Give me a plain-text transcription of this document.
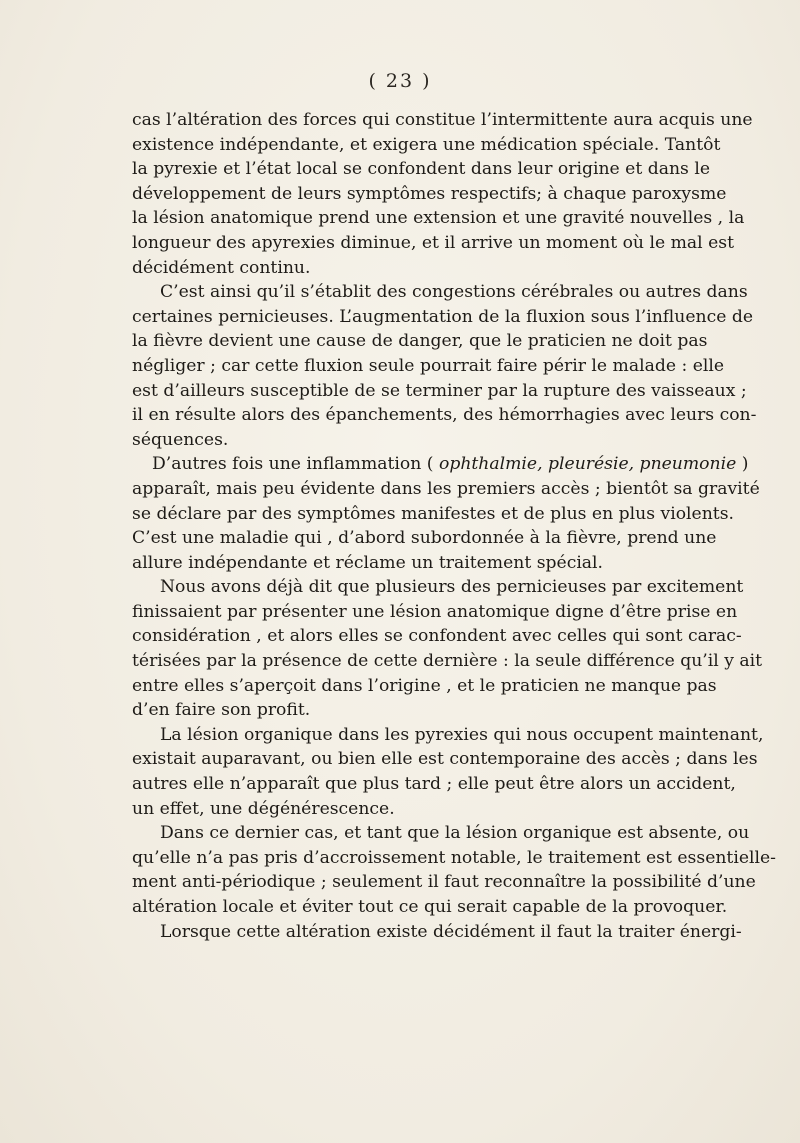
( 23 )
cas l’altération des forces qui constitue l’intermittente aura acquis une
existence indépendante, et exigera une médication spéciale. Tantôt
la pyrexie et l’état local se confondent dans leur origine et dans le
développement de leurs symptômes respectifs; à chaque paroxysme
la lésion anatomique prend une extension et une gravité nouvelles , la
longueur des apyrexies diminue, et il arrive un moment où le mal est
décidément continu.
C’est ainsi qu’il s’établit des congestions cérébrales ou autres dans
certaines pernicieuses. L’augmentation de la fluxion sous l’influence de
la fièvre devient une cause de danger, que le praticien ne doit pas
négliger ; car cette fluxion seule pourrait faire périr le malade : elle
est d’ailleurs susceptible de se terminer par la rupture des vaisseaux ;
il en résulte alors des épanchements, des hémorrhagies avec leurs con-
séquences.
D’autres fois une inflammation ( ophthalmie, pleurésie, pneumonie )
apparaît, mais peu évidente dans les premiers accès ; bientôt sa gravité
se déclare par des symptômes manifestes et de plus en plus violents.
C’est une maladie qui , d’abord subordonnée à la fièvre, prend une
allure indépendante et réclame un traitement spécial.
Nous avons déjà dit que plusieurs des pernicieuses par excitement
finissaient par présenter une lésion anatomique digne d’être prise en
considération , et alors elles se confondent avec celles qui sont carac-
térisées par la présence de cette dernière : la seule différence qu’il y ait
entre elles s’aperçoit dans l’origine , et le praticien ne manque pas
d’en faire son profit.
La lésion organique dans les pyrexies qui nous occupent maintenant,
existait auparavant, ou bien elle est contemporaine des accès ; dans les
autres elle n’apparaît que plus tard ; elle peut être alors un accident,
un effet, une dégénérescence.
Dans ce dernier cas, et tant que la lésion organique est absente, ou
qu’elle n’a pas pris d’accroissement notable, le traitement est essentielle-
ment anti-périodique ; seulement il faut reconnaître la possibilité d’une
altération locale et éviter tout ce qui serait capable de la provoquer.
Lorsque cette altération existe décidément il faut la traiter énergi-
